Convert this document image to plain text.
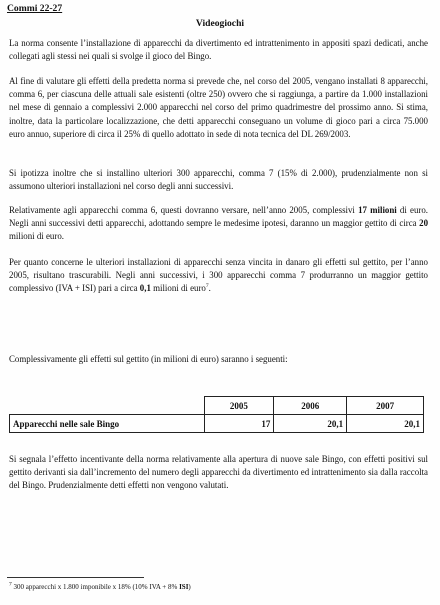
Commi 22-27
Videogiochi

La norma consente l’installazione di apparecchi da divertimento ed intrattenimento in appositi spazi dedicati, anche collegati agli stessi nei quali si svolge il gioco del Bingo.

Al fine di valutare gli effetti della predetta norma si prevede che, nel corso del 2005, vengano installati 8 apparecchi, comma 6, per ciascuna delle attuali sale esistenti (oltre 250) ovvero che si raggiunga, a partire da 1.000 installazioni nel mese di gennaio a complessivi 2.000 apparecchi nel corso del primo quadrimestre del prossimo anno. Si stima, inoltre, data la particolare localizzazione, che detti apparecchi conseguano un volume di gioco pari a circa 75.000 euro annuo, superiore di circa il 25% di quello adottato in sede di nota tecnica del DL 269/2003.

Si ipotizza inoltre che si installino ulteriori 300 apparecchi, comma 7 (15% di 2.000), prudenzialmente non si assumono ulteriori installazioni nel corso degli anni successivi.

Relativamente agli apparecchi comma 6, questi dovranno versare, nell’anno 2005, complessivi 17 milioni di euro. Negli anni successivi detti apparecchi, adottando sempre le medesime ipotesi, daranno un maggior gettito di circa 20 milioni di euro.

Per quanto concerne le ulteriori installazioni di apparecchi senza vincita in danaro gli effetti sul gettito, per l’anno 2005, risultano trascurabili. Negli anni successivi, i 300 apparecchi comma 7 produrranno un maggior gettito complessivo (IVA + ISI) pari a circa 0,1 milioni di euro$^7$.

Complessivamente gli effetti sul gettito (in milioni di euro) saranno i seguenti:

	2005	2006	2007
Apparecchi nelle sale Bingo	17	20,1	20,1

Si segnala l’effetto incentivante della norma relativamente alla apertura di nuove sale Bingo, con effetti positivi sul gettito derivanti sia dall’incremento del numero degli apparecchi da divertimento ed intrattenimento sia dalla raccolta del Bingo. Prudenzialmente detti effetti non vengono valutati.

$^7$ 300 apparecchi x 1.800 imponibile x 18% (10% IVA + 8% ISI)
